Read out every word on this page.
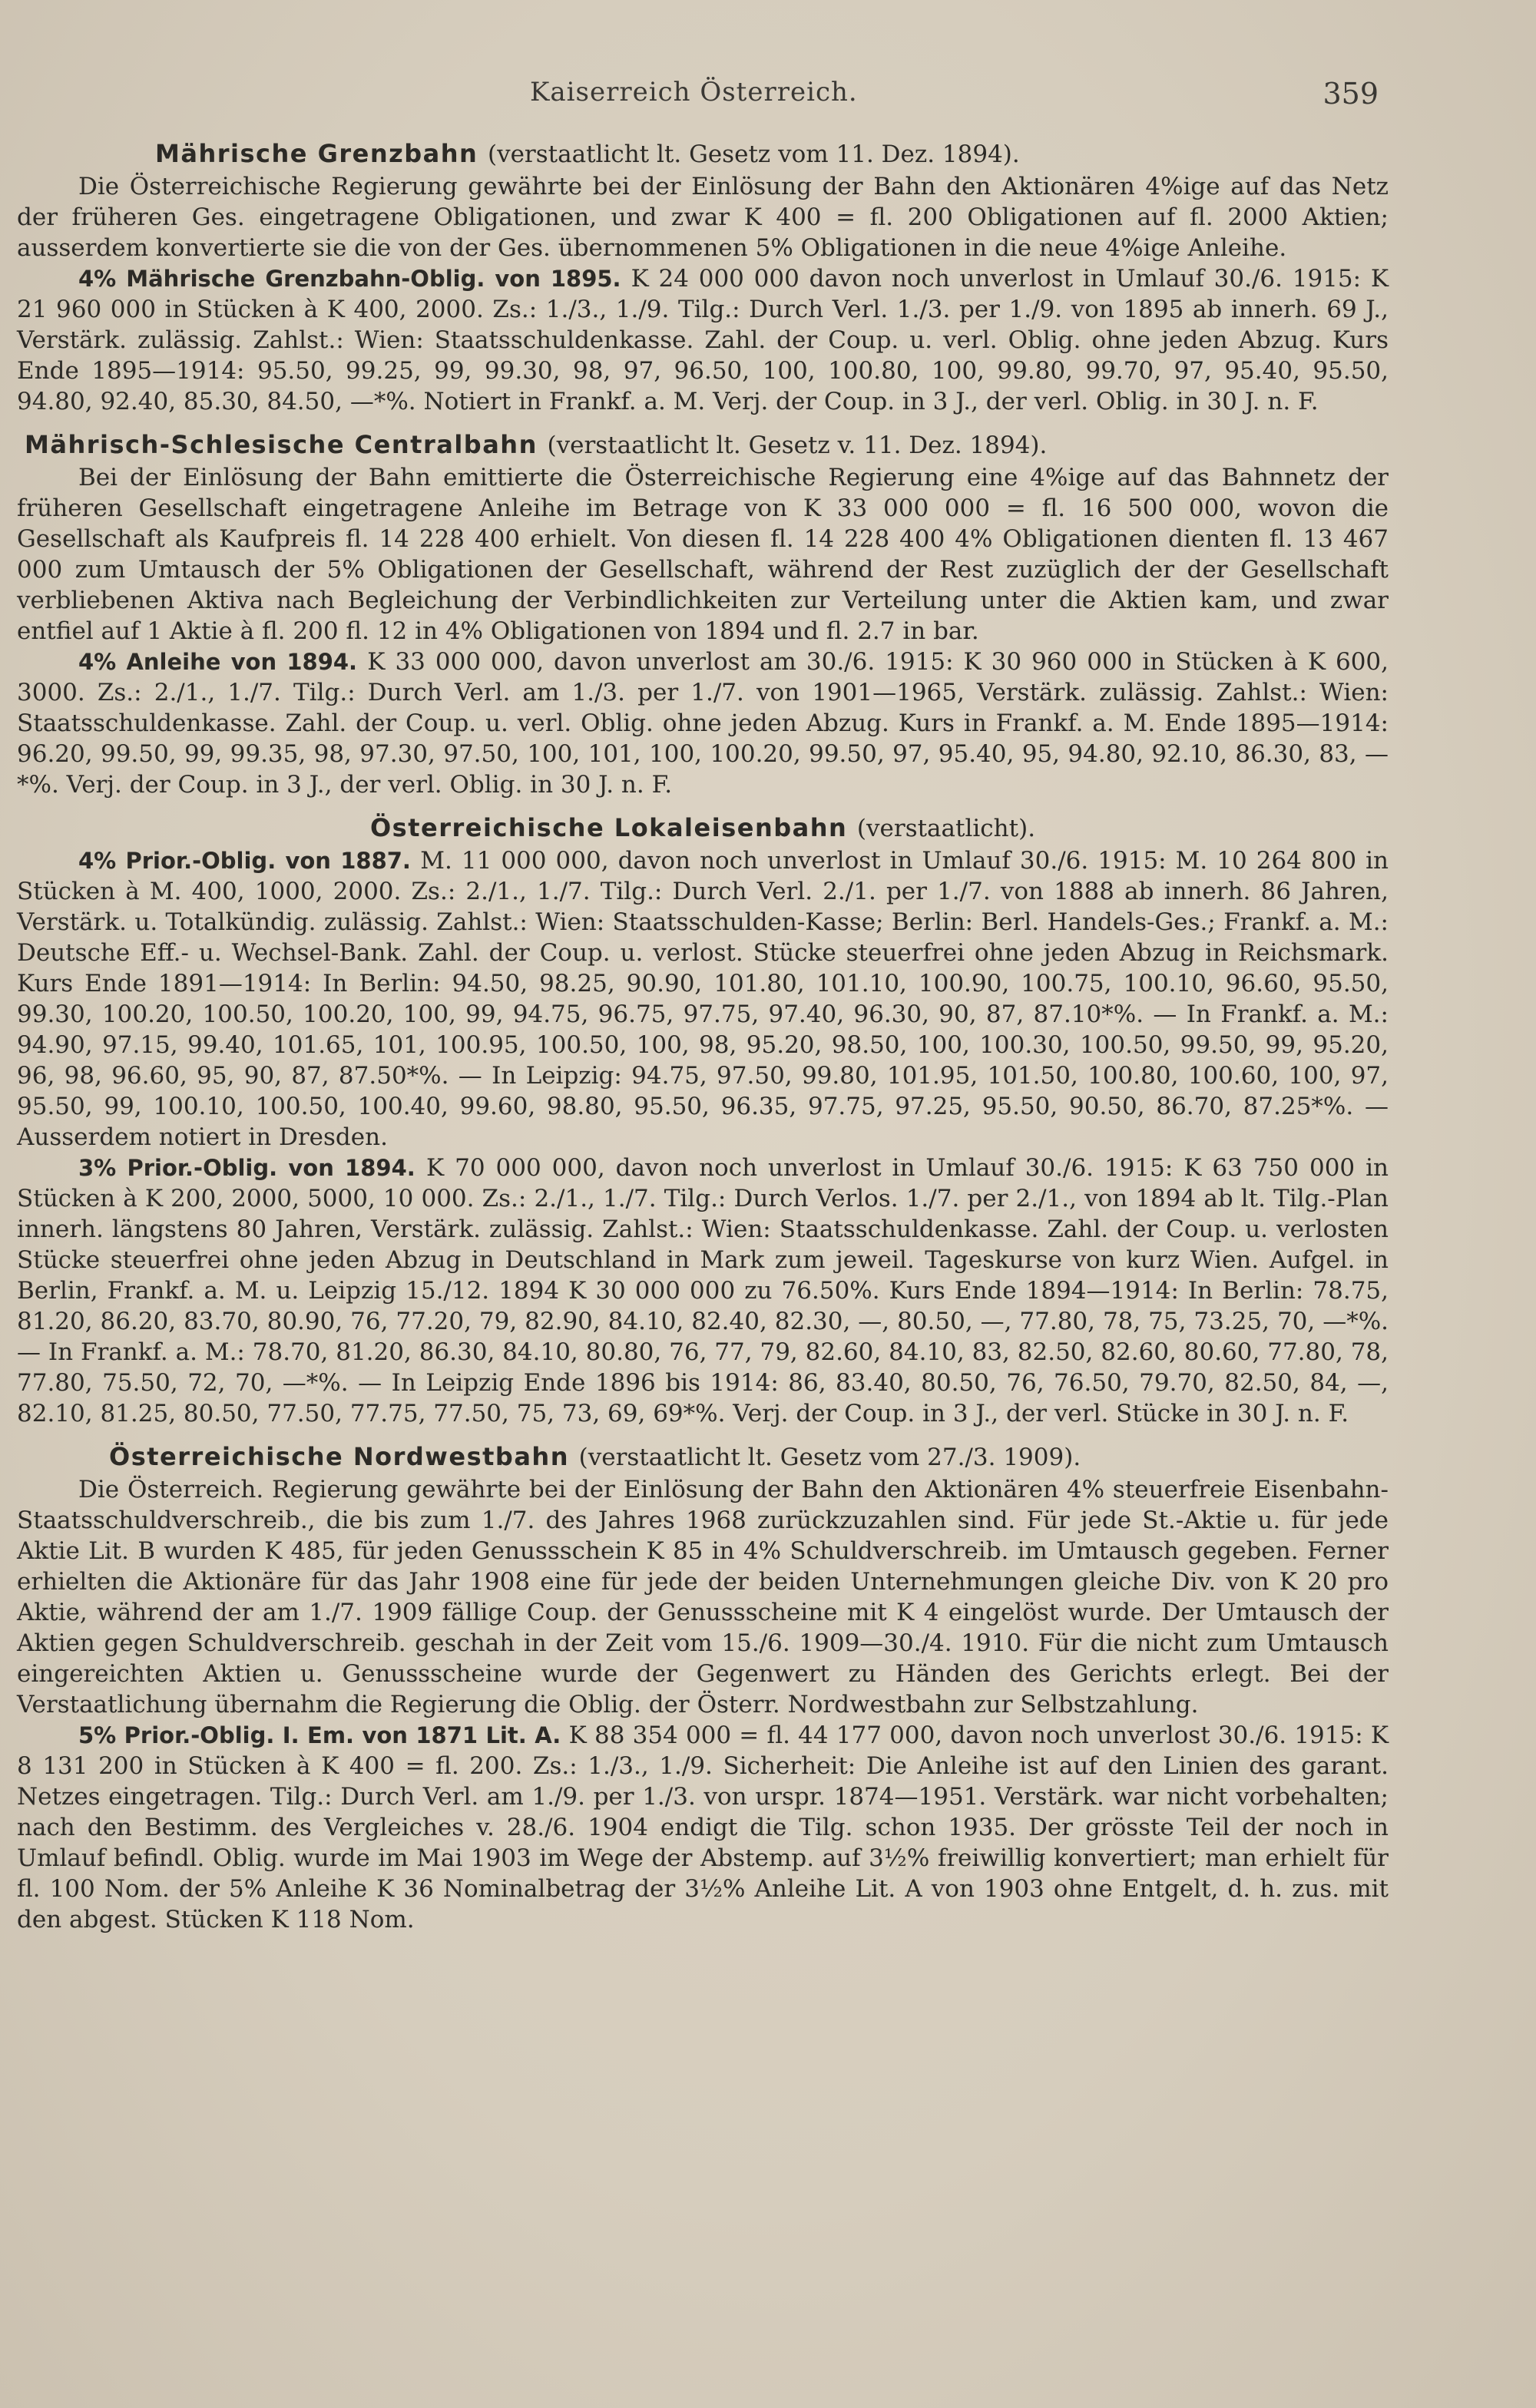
Kaiserreich Österreich.	359
Mährische Grenzbahn (verstaatlicht lt. Gesetz vom 11. Dez. 1894).

Die Österreichische Regierung gewährte bei der Einlösung der Bahn den Aktionären 4%ige auf das Netz der früheren Ges. eingetragene Obligationen, und zwar K 400 = fl. 200 Obligationen auf fl. 2000 Aktien; ausserdem konvertierte sie die von der Ges. übernommenen 5% Obligationen in die neue 4%ige Anleihe.

4% Mährische Grenzbahn-Oblig. von 1895. K 24 000 000 davon noch unverlost in Umlauf 30./6. 1915: K 21 960 000 in Stücken à K 400, 2000. Zs.: 1./3., 1./9. Tilg.: Durch Verl. 1./3. per 1./9. von 1895 ab innerh. 69 J., Verstärk. zulässig. Zahlst.: Wien: Staatsschuldenkasse. Zahl. der Coup. u. verl. Oblig. ohne jeden Abzug. Kurs Ende 1895—1914: 95.50, 99.25, 99, 99.30, 98, 97, 96.50, 100, 100.80, 100, 99.80, 99.70, 97, 95.40, 95.50, 94.80, 92.40, 85.30, 84.50, —*%. Notiert in Frankf. a. M. Verj. der Coup. in 3 J., der verl. Oblig. in 30 J. n. F.

Mährisch-Schlesische Centralbahn (verstaatlicht lt. Gesetz v. 11. Dez. 1894).

Bei der Einlösung der Bahn emittierte die Österreichische Regierung eine 4%ige auf das Bahnnetz der früheren Gesellschaft eingetragene Anleihe im Betrage von K 33 000 000 = fl. 16 500 000, wovon die Gesellschaft als Kaufpreis fl. 14 228 400 erhielt. Von diesen fl. 14 228 400 4% Obligationen dienten fl. 13 467 000 zum Umtausch der 5% Obligationen der Gesellschaft, während der Rest zuzüglich der der Gesellschaft verbliebenen Aktiva nach Begleichung der Verbindlichkeiten zur Verteilung unter die Aktien kam, und zwar entfiel auf 1 Aktie à fl. 200 fl. 12 in 4% Obligationen von 1894 und fl. 2.7 in bar.

4% Anleihe von 1894. K 33 000 000, davon unverlost am 30./6. 1915: K 30 960 000 in Stücken à K 600, 3000. Zs.: 2./1., 1./7. Tilg.: Durch Verl. am 1./3. per 1./7. von 1901—1965, Verstärk. zulässig. Zahlst.: Wien: Staatsschuldenkasse. Zahl. der Coup. u. verl. Oblig. ohne jeden Abzug. Kurs in Frankf. a. M. Ende 1895—1914: 96.20, 99.50, 99, 99.35, 98, 97.30, 97.50, 100, 101, 100, 100.20, 99.50, 97, 95.40, 95, 94.80, 92.10, 86.30, 83, —*%. Verj. der Coup. in 3 J., der verl. Oblig. in 30 J. n. F.

Österreichische Lokaleisenbahn (verstaatlicht).

4% Prior.-Oblig. von 1887. M. 11 000 000, davon noch unverlost in Umlauf 30./6. 1915: M. 10 264 800 in Stücken à M. 400, 1000, 2000. Zs.: 2./1., 1./7. Tilg.: Durch Verl. 2./1. per 1./7. von 1888 ab innerh. 86 Jahren, Verstärk. u. Totalkündig. zulässig. Zahlst.: Wien: Staatsschulden-Kasse; Berlin: Berl. Handels-Ges.; Frankf. a. M.: Deutsche Eff.- u. Wechsel-Bank. Zahl. der Coup. u. verlost. Stücke steuerfrei ohne jeden Abzug in Reichsmark. Kurs Ende 1891—1914: In Berlin: 94.50, 98.25, 90.90, 101.80, 101.10, 100.90, 100.75, 100.10, 96.60, 95.50, 99.30, 100.20, 100.50, 100.20, 100, 99, 94.75, 96.75, 97.75, 97.40, 96.30, 90, 87, 87.10*%. — In Frankf. a. M.: 94.90, 97.15, 99.40, 101.65, 101, 100.95, 100.50, 100, 98, 95.20, 98.50, 100, 100.30, 100.50, 99.50, 99, 95.20, 96, 98, 96.60, 95, 90, 87, 87.50*%. — In Leipzig: 94.75, 97.50, 99.80, 101.95, 101.50, 100.80, 100.60, 100, 97, 95.50, 99, 100.10, 100.50, 100.40, 99.60, 98.80, 95.50, 96.35, 97.75, 97.25, 95.50, 90.50, 86.70, 87.25*%. — Ausserdem notiert in Dresden.

3% Prior.-Oblig. von 1894. K 70 000 000, davon noch unverlost in Umlauf 30./6. 1915: K 63 750 000 in Stücken à K 200, 2000, 5000, 10 000. Zs.: 2./1., 1./7. Tilg.: Durch Verlos. 1./7. per 2./1., von 1894 ab lt. Tilg.-Plan innerh. längstens 80 Jahren, Verstärk. zulässig. Zahlst.: Wien: Staatsschuldenkasse. Zahl. der Coup. u. verlosten Stücke steuerfrei ohne jeden Abzug in Deutschland in Mark zum jeweil. Tageskurse von kurz Wien. Aufgel. in Berlin, Frankf. a. M. u. Leipzig 15./12. 1894 K 30 000 000 zu 76.50%. Kurs Ende 1894—1914: In Berlin: 78.75, 81.20, 86.20, 83.70, 80.90, 76, 77.20, 79, 82.90, 84.10, 82.40, 82.30, —, 80.50, —, 77.80, 78, 75, 73.25, 70, —*%. — In Frankf. a. M.: 78.70, 81.20, 86.30, 84.10, 80.80, 76, 77, 79, 82.60, 84.10, 83, 82.50, 82.60, 80.60, 77.80, 78, 77.80, 75.50, 72, 70, —*%. — In Leipzig Ende 1896 bis 1914: 86, 83.40, 80.50, 76, 76.50, 79.70, 82.50, 84, —, 82.10, 81.25, 80.50, 77.50, 77.75, 77.50, 75, 73, 69, 69*%. Verj. der Coup. in 3 J., der verl. Stücke in 30 J. n. F.

Österreichische Nordwestbahn (verstaatlicht lt. Gesetz vom 27./3. 1909).

Die Österreich. Regierung gewährte bei der Einlösung der Bahn den Aktionären 4% steuerfreie Eisenbahn-Staatsschuldverschreib., die bis zum 1./7. des Jahres 1968 zurückzuzahlen sind. Für jede St.-Aktie u. für jede Aktie Lit. B wurden K 485, für jeden Genussschein K 85 in 4% Schuldverschreib. im Umtausch gegeben. Ferner erhielten die Aktionäre für das Jahr 1908 eine für jede der beiden Unternehmungen gleiche Div. von K 20 pro Aktie, während der am 1./7. 1909 fällige Coup. der Genussscheine mit K 4 eingelöst wurde. Der Umtausch der Aktien gegen Schuldverschreib. geschah in der Zeit vom 15./6. 1909—30./4. 1910. Für die nicht zum Umtausch eingereichten Aktien u. Genussscheine wurde der Gegenwert zu Händen des Gerichts erlegt. Bei der Verstaatlichung übernahm die Regierung die Oblig. der Österr. Nordwestbahn zur Selbstzahlung.

5% Prior.-Oblig. I. Em. von 1871 Lit. A. K 88 354 000 = fl. 44 177 000, davon noch unverlost 30./6. 1915: K 8 131 200 in Stücken à K 400 = fl. 200. Zs.: 1./3., 1./9. Sicherheit: Die Anleihe ist auf den Linien des garant. Netzes eingetragen. Tilg.: Durch Verl. am 1./9. per 1./3. von urspr. 1874—1951. Verstärk. war nicht vorbehalten; nach den Bestimm. des Vergleiches v. 28./6. 1904 endigt die Tilg. schon 1935. Der grösste Teil der noch in Umlauf befindl. Oblig. wurde im Mai 1903 im Wege der Abstemp. auf 3½% freiwillig konvertiert; man erhielt für fl. 100 Nom. der 5% Anleihe K 36 Nominalbetrag der 3½% Anleihe Lit. A von 1903 ohne Entgelt, d. h. zus. mit den abgest. Stücken K 118 Nom.
